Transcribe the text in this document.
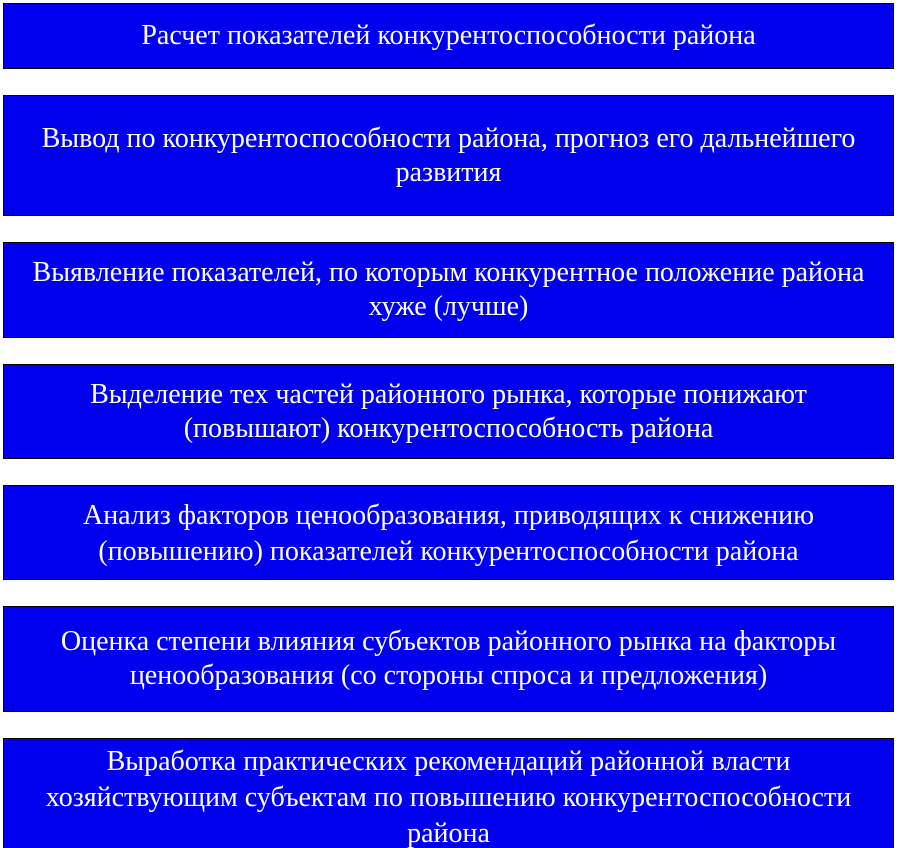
Расчет показателей конкурентоспособности района
Вывод по конкурентоспособности района, прогноз его дальнейшего развития
Выявление показателей, по которым конкурентное положение района хуже (лучше)
Выделение тех частей районного рынка, которые понижают (повышают) конкурентоспособность района
Анализ факторов ценообразования, приводящих к снижению (повышению) показателей конкурентоспособности района
Оценка степени влияния субъектов районного рынка на факторы ценообразования (со стороны спроса и предложения)
Выработка практических рекомендаций районной власти хозяйствующим субъектам по повышению конкурентоспособности района
